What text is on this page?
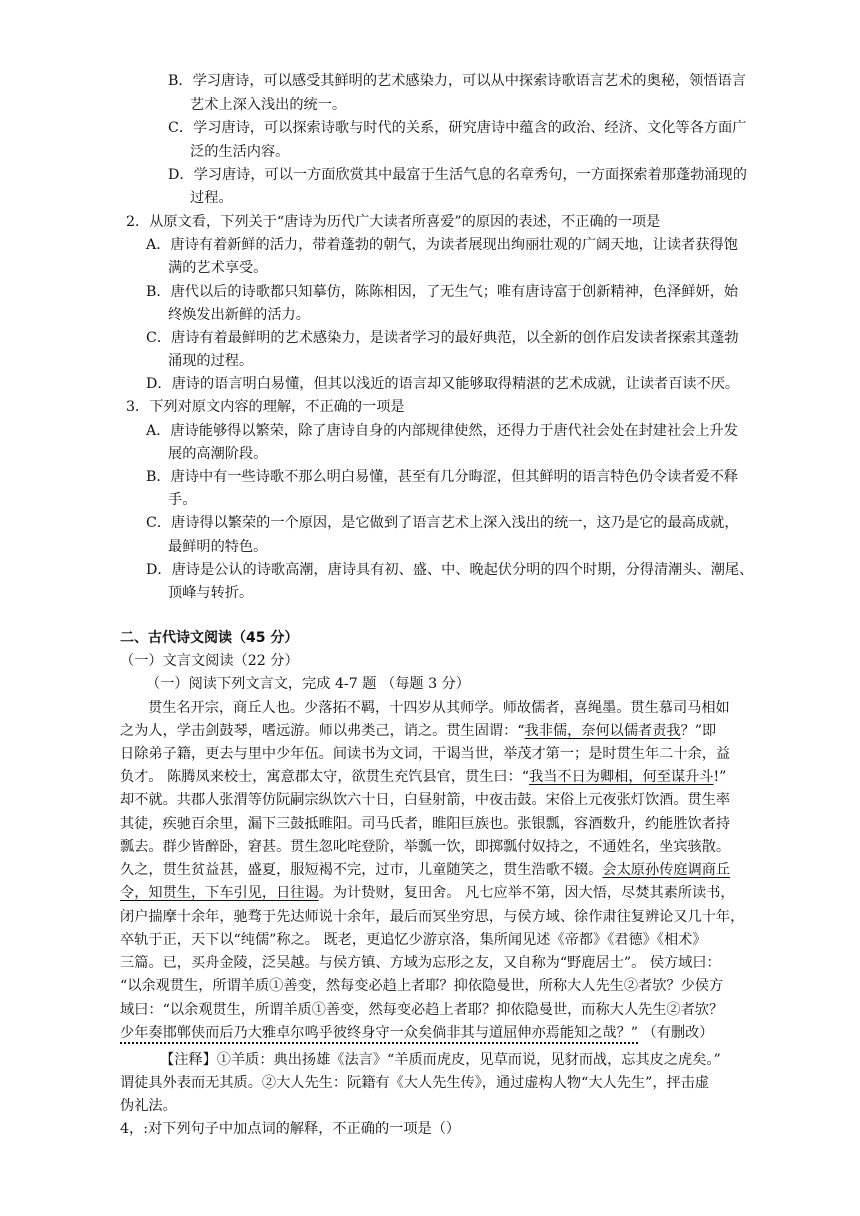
B．学习唐诗，可以感受其鲜明的艺术感染力，可以从中探索诗歌语言艺术的奥秘，领悟语言
艺术上深入浅出的统一。
C．学习唐诗，可以探索诗歌与时代的关系，研究唐诗中蕴含的政治、经济、文化等各方面广
泛的生活内容。
D．学习唐诗，可以一方面欣赏其中最富于生活气息的名章秀句，一方面探索着那蓬勃涌现的
过程。
2．从原文看，下列关于“唐诗为历代广大读者所喜爱”的原因的表述，不正确的一项是
A．唐诗有着新鲜的活力，带着蓬勃的朝气，为读者展现出绚丽壮观的广阔天地，让读者获得饱
满的艺术享受。
B．唐代以后的诗歌都只知摹仿，陈陈相因，了无生气；唯有唐诗富于创新精神，色泽鲜妍，始
终焕发出新鲜的活力。
C．唐诗有着最鲜明的艺术感染力，是读者学习的最好典范，以全新的创作启发读者探索其蓬勃
涌现的过程。
D．唐诗的语言明白易懂，但其以浅近的语言却又能够取得精湛的艺术成就，让读者百读不厌。
3．下列对原文内容的理解，不正确的一项是
A．唐诗能够得以繁荣，除了唐诗自身的内部规律使然，还得力于唐代社会处在封建社会上升发
展的高潮阶段。
B．唐诗中有一些诗歌不那么明白易懂，甚至有几分晦涩，但其鲜明的语言特色仍令读者爱不释
手。
C．唐诗得以繁荣的一个原因，是它做到了语言艺术上深入浅出的统一，这乃是它的最高成就，
最鲜明的特色。
D．唐诗是公认的诗歌高潮，唐诗具有初、盛、中、晚起伏分明的四个时期，分得清潮头、潮尾、
顶峰与转折。
二、古代诗文阅读（45 分）
（一）文言文阅读（22 分）
（一）阅读下列文言文，完成 4-7 题 （每题 3 分）
贯生名开宗，商丘人也。少落拓不羁，十四岁从其师学。师故儒者，喜绳墨。贯生慕司马相如
之为人，学击剑鼓琴，嗜远游。师以弗类己，诮之。贯生固谓：“我非儒，奈何以儒者责我？”即
日除弟子籍，更去与里中少年伍。间读书为文词，干谒当世，举茂才第一；是时贯生年二十余，益
负才。 陈腾凤来校士，寓意郡太守，欲贯生充饩县官，贯生曰：“我当不日为卿相，何至谋升斗!”
却不就。共郡人张渭等仿阮嗣宗纵饮六十日，白昼射箭，中夜击鼓。宋俗上元夜张灯饮酒。贯生率
其徒，疾驰百余里，漏下三鼓抵睢阳。司马氏者，睢阳巨族也。张银瓢，容酒数升，约能胜饮者持
瓢去。群少皆醉卧，窘甚。贯生忽叱咤登阶，举瓢一饮，即掷瓢付奴持之，不通姓名，坐宾骇散。
久之，贯生贫益甚，盛夏，服短褐不完，过市，儿童随笑之，贯生浩歌不辍。会太原孙传庭调商丘
令，知贯生，下车引见，日往谒。为计贽财，复田舍。 凡七应举不第，因大悟，尽焚其素所读书，
闭户揣摩十余年，驰骛于先达师说十余年，最后而冥坐穷思，与侯方域、徐作肃往复辨论又几十年，
卒轨于正，天下以“纯儒”称之。 既老，更追忆少游京洛，集所闻见述《帝都》《君德》《相术》
三篇。已，买舟金陵，泛吴越。与侯方镇、方域为忘形之友，又自称为“野鹿居士”。 侯方域曰：
“以余观贯生，所谓羊质①善变，然每变必趋上者耶？抑依隐曼世，所称大人先生②者欤？少侯方
域曰：“以余观贯生，所谓羊质①善变，然每变必趋上者耶？抑依隐曼世，而称大人先生②者欤？
少年奏邯郸侠而后乃大雅卓尔鸣乎彼终身守一众矣倘非其与道屈伸亦焉能知之哉？” （有删改）
【注释】①羊质：典出扬雄《法言》“羊质而虎皮，见草而说，见豺而战，忘其皮之虎矣。”
谓徒具外表而无其质。②大人先生：阮籍有《大人先生传》，通过虚构人物“大人先生”，抨击虚
伪礼法。
4，:对下列句子中加点词的解释，不正确的一项是（）
